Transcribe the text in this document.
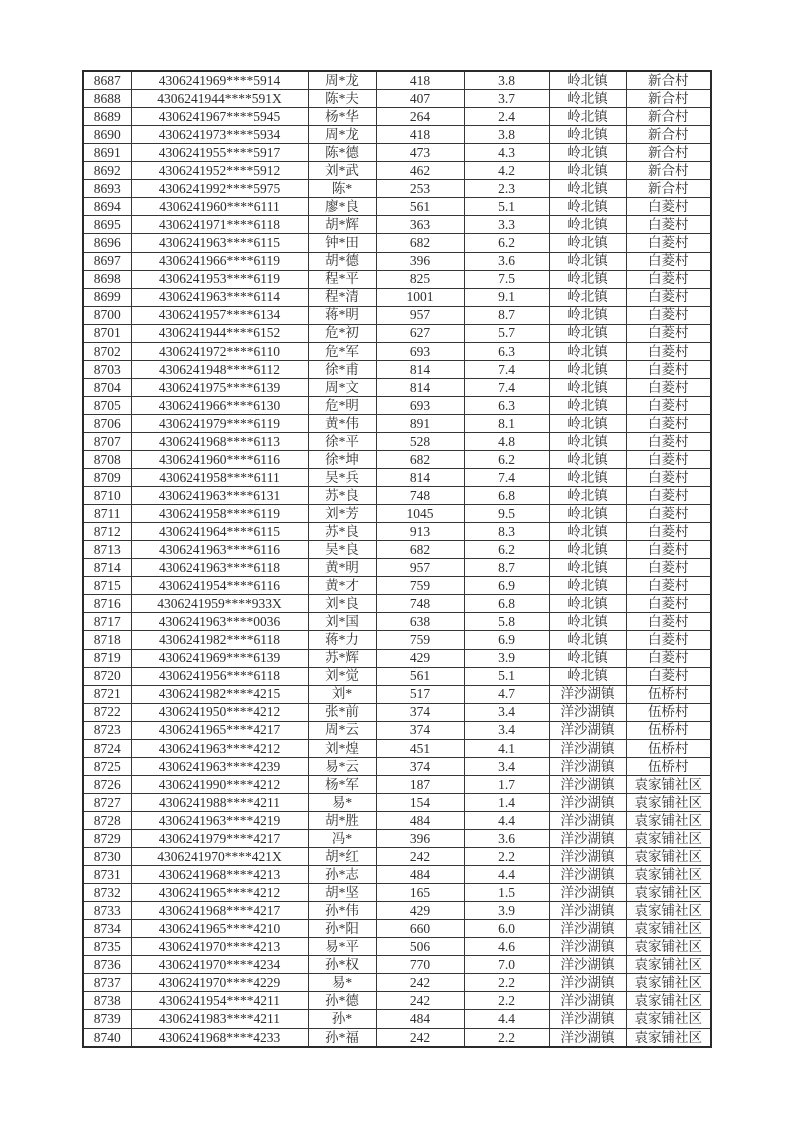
8687	4306241969****5914	周*龙	418	3.8	岭北镇	新合村
8688	4306241944****591X	陈*夫	407	3.7	岭北镇	新合村
8689	4306241967****5945	杨*华	264	2.4	岭北镇	新合村
8690	4306241973****5934	周*龙	418	3.8	岭北镇	新合村
8691	4306241955****5917	陈*德	473	4.3	岭北镇	新合村
8692	4306241952****5912	刘*武	462	4.2	岭北镇	新合村
8693	4306241992****5975	陈*	253	2.3	岭北镇	新合村
8694	4306241960****6111	廖*良	561	5.1	岭北镇	白菱村
8695	4306241971****6118	胡*辉	363	3.3	岭北镇	白菱村
8696	4306241963****6115	钟*田	682	6.2	岭北镇	白菱村
8697	4306241966****6119	胡*德	396	3.6	岭北镇	白菱村
8698	4306241953****6119	程*平	825	7.5	岭北镇	白菱村
8699	4306241963****6114	程*清	1001	9.1	岭北镇	白菱村
8700	4306241957****6134	蒋*明	957	8.7	岭北镇	白菱村
8701	4306241944****6152	危*初	627	5.7	岭北镇	白菱村
8702	4306241972****6110	危*军	693	6.3	岭北镇	白菱村
8703	4306241948****6112	徐*甫	814	7.4	岭北镇	白菱村
8704	4306241975****6139	周*文	814	7.4	岭北镇	白菱村
8705	4306241966****6130	危*明	693	6.3	岭北镇	白菱村
8706	4306241979****6119	黄*伟	891	8.1	岭北镇	白菱村
8707	4306241968****6113	徐*平	528	4.8	岭北镇	白菱村
8708	4306241960****6116	徐*坤	682	6.2	岭北镇	白菱村
8709	4306241958****6111	吴*兵	814	7.4	岭北镇	白菱村
8710	4306241963****6131	苏*良	748	6.8	岭北镇	白菱村
8711	4306241958****6119	刘*芳	1045	9.5	岭北镇	白菱村
8712	4306241964****6115	苏*良	913	8.3	岭北镇	白菱村
8713	4306241963****6116	吴*良	682	6.2	岭北镇	白菱村
8714	4306241963****6118	黄*明	957	8.7	岭北镇	白菱村
8715	4306241954****6116	黄*才	759	6.9	岭北镇	白菱村
8716	4306241959****933X	刘*良	748	6.8	岭北镇	白菱村
8717	4306241963****0036	刘*国	638	5.8	岭北镇	白菱村
8718	4306241982****6118	蒋*力	759	6.9	岭北镇	白菱村
8719	4306241969****6139	苏*辉	429	3.9	岭北镇	白菱村
8720	4306241956****6118	刘*觉	561	5.1	岭北镇	白菱村
8721	4306241982****4215	刘*	517	4.7	洋沙湖镇	伍桥村
8722	4306241950****4212	张*前	374	3.4	洋沙湖镇	伍桥村
8723	4306241965****4217	周*云	374	3.4	洋沙湖镇	伍桥村
8724	4306241963****4212	刘*煌	451	4.1	洋沙湖镇	伍桥村
8725	4306241963****4239	易*云	374	3.4	洋沙湖镇	伍桥村
8726	4306241990****4212	杨*军	187	1.7	洋沙湖镇	袁家铺社区
8727	4306241988****4211	易*	154	1.4	洋沙湖镇	袁家铺社区
8728	4306241963****4219	胡*胜	484	4.4	洋沙湖镇	袁家铺社区
8729	4306241979****4217	冯*	396	3.6	洋沙湖镇	袁家铺社区
8730	4306241970****421X	胡*红	242	2.2	洋沙湖镇	袁家铺社区
8731	4306241968****4213	孙*志	484	4.4	洋沙湖镇	袁家铺社区
8732	4306241965****4212	胡*坚	165	1.5	洋沙湖镇	袁家铺社区
8733	4306241968****4217	孙*伟	429	3.9	洋沙湖镇	袁家铺社区
8734	4306241965****4210	孙*阳	660	6.0	洋沙湖镇	袁家铺社区
8735	4306241970****4213	易*平	506	4.6	洋沙湖镇	袁家铺社区
8736	4306241970****4234	孙*权	770	7.0	洋沙湖镇	袁家铺社区
8737	4306241970****4229	易*	242	2.2	洋沙湖镇	袁家铺社区
8738	4306241954****4211	孙*德	242	2.2	洋沙湖镇	袁家铺社区
8739	4306241983****4211	孙*	484	4.4	洋沙湖镇	袁家铺社区
8740	4306241968****4233	孙*福	242	2.2	洋沙湖镇	袁家铺社区
